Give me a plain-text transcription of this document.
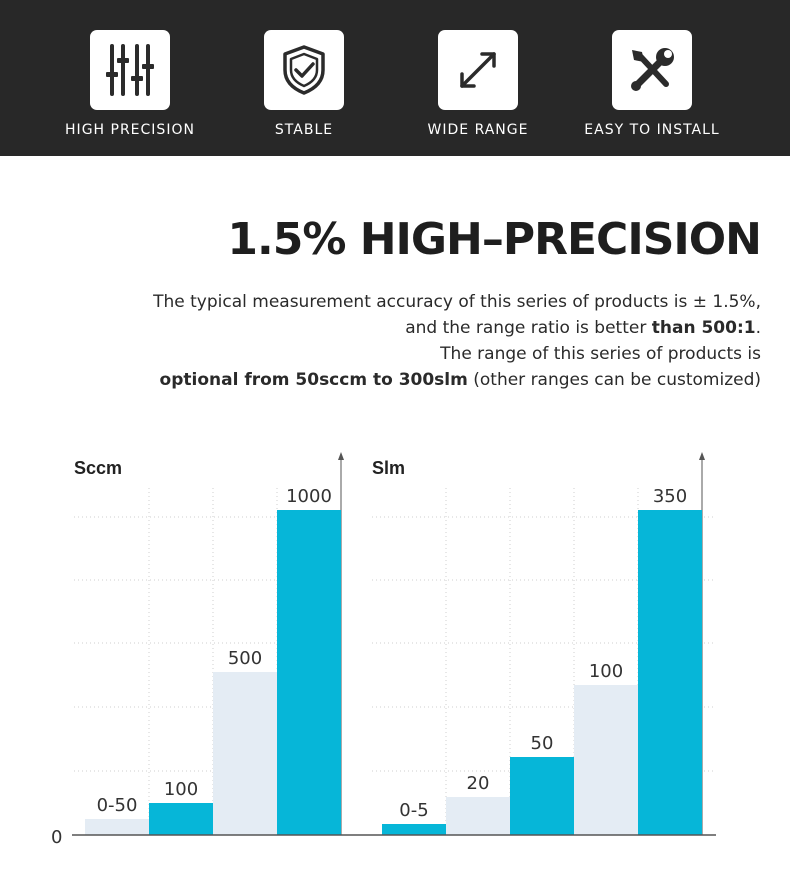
HIGH PRECISION	STABLE	WIDE RANGE	EASY TO INSTALL
1.5% HIGH–PRECISION
The typical measurement accuracy of this series of products is ± 1.5%,
and the range ratio is better than 500:1.
The range of this series of products is
optional from 50sccm to 300slm (other ranges can be customized)
Sccm
0-50
100
500
1000
Slm
0-5
20
50
100
350
0
